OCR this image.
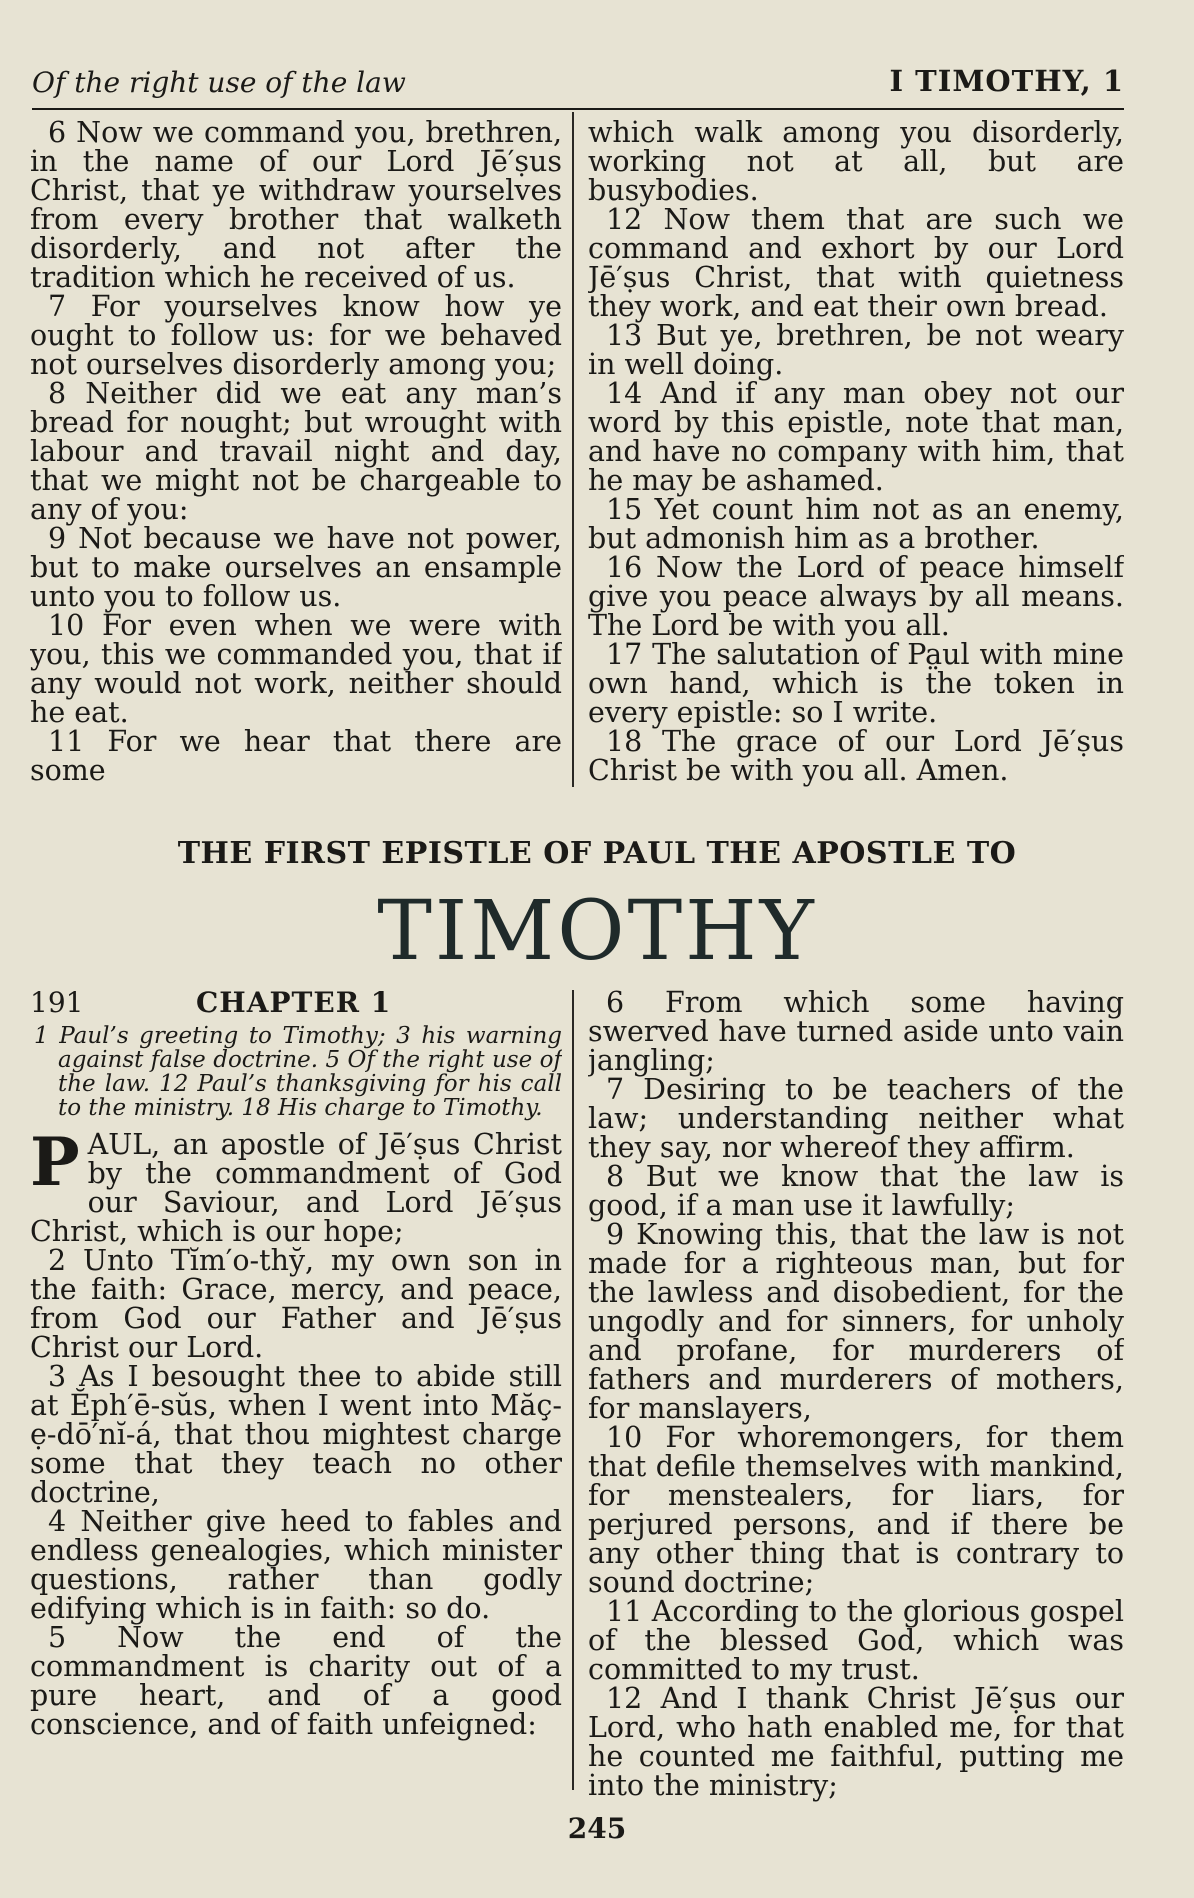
Of the right use of the law	I TIMOTHY, 1

6 Now we command you, brethren, in the name of our Lord Jē′ṣus Christ, that ye withdraw yourselves from every brother that walketh disorderly, and not after the tradition which he received of us.

7 For yourselves know how ye ought to follow us: for we behaved not ourselves disorderly among you;

8 Neither did we eat any man’s bread for nought; but wrought with labour and travail night and day, that we might not be chargeable to any of you:

9 Not because we have not power, but to make ourselves an ensample unto you to follow us.

10 For even when we were with you, this we commanded you, that if any would not work, neither should he eat.

11 For we hear that there are some

which walk among you disorderly, working not at all, but are busybodies.

12 Now them that are such we command and exhort by our Lord Jē′ṣus Christ, that with quietness they work, and eat their own bread.

13 But ye, brethren, be not weary in well doing.

14 And if any man obey not our word by this epistle, note that man, and have no company with him, that he may be ashamed.

15 Yet count him not as an enemy, but admonish him as a brother.

16 Now the Lord of peace himself give you peace always by all means. The Lord be with you all.

17 The salutation of Pa̤ul with mine own hand, which is the token in every epistle: so I write.

18 The grace of our Lord Jē′ṣus Christ be with you all. Amen.

THE FIRST EPISTLE OF PAUL THE APOSTLE TO
TIMOTHY
191	CHAPTER 1
1 Paul’s greeting to Timothy; 3 his warning against false doctrine. 5 Of the right use of the law. 12 Paul’s thanksgiving for his call to the ministry. 18 His charge to Timothy.
P AUL, an apostle of Jē′ṣus Christ by the commandment of God our Saviour, and Lord Jē′ṣus Christ, which is our hope;

2 Unto Tĭm′o-thy̆, my own son in the faith: Grace, mercy, and peace, from God our Father and Jē′ṣus Christ our Lord.

3 As I besought thee to abide still at Ĕph′ē-sŭs, when I went into Măç-ẹ-dō′nĭ-á, that thou mightest charge some that they teach no other doctrine,

4 Neither give heed to fables and endless genealogies, which minister questions, rather than godly edifying which is in faith: so do.

5 Now the end of the commandment is charity out of a pure heart, and of a good conscience, and of faith unfeigned:

6 From which some having swerved have turned aside unto vain jangling;

7 Desiring to be teachers of the law; understanding neither what they say, nor whereof they affirm.

8 But we know that the law is good, if a man use it lawfully;

9 Knowing this, that the law is not made for a righteous man, but for the lawless and disobedient, for the ungodly and for sinners, for unholy and profane, for murderers of fathers and murderers of mothers, for manslayers,

10 For whoremongers, for them that defile themselves with mankind, for menstealers, for liars, for perjured persons, and if there be any other thing that is contrary to sound doctrine;

11 According to the glorious gospel of the blessed God, which was committed to my trust.

12 And I thank Christ Jē′ṣus our Lord, who hath enabled me, for that he counted me faithful, putting me into the ministry;

245
